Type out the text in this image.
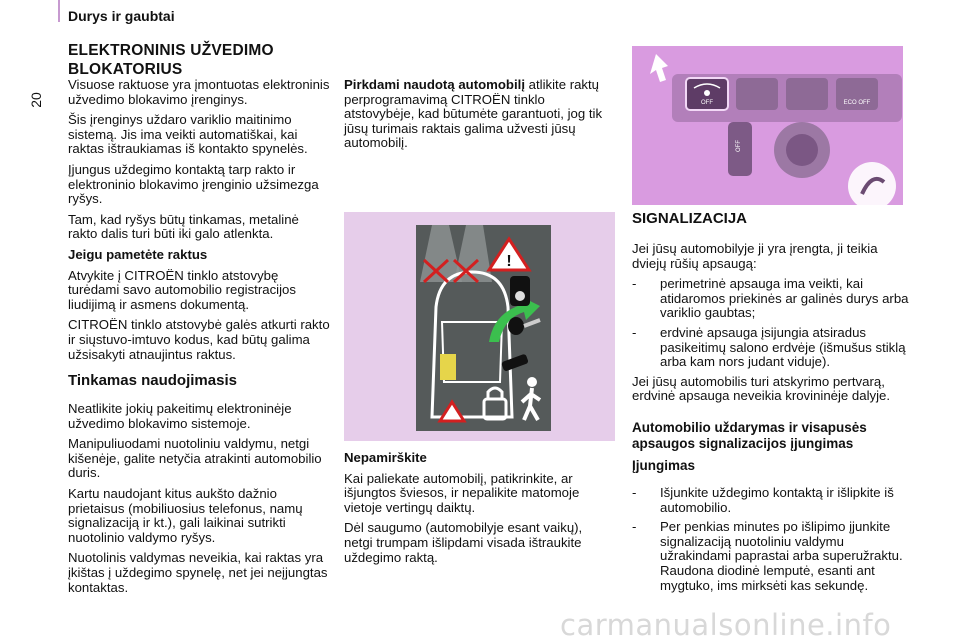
Durys ir gaubtai
20
ELEKTRONINIS UŽVEDIMO
BLOKATORIUS

Visuose raktuose yra įmontuotas elektroninis užvedimo blokavimo įrenginys.

Šis įrenginys uždaro variklio maitinimo sistemą. Jis ima veikti automatiškai, kai raktas ištraukiamas iš kontakto spynelės.

Įjungus uždegimo kontaktą tarp rakto ir elektroninio blokavimo įrenginio užsimezga ryšys.

Tam, kad ryšys būtų tinkamas, metalinė rakto dalis turi būti iki galo atlenkta.

Jeigu pametėte raktus

Atvykite į CITROËN tinklo atstovybę turėdami savo automobilio registracijos liudijimą ir asmens dokumentą.

CITROËN tinklo atstovybė galės atkurti rakto ir siųstuvo-imtuvo kodus, kad būtų galima užsisakyti atnaujintus raktus.

Tinkamas naudojimasis

Neatlikite jokių pakeitimų elektroninėje užvedimo blokavimo sistemoje.

Manipuliuodami nuotoliniu valdymu, netgi kišenėje, galite netyčia atrakinti automobilio duris.

Kartu naudojant kitus aukšto dažnio prietaisus (mobiliuosius telefonus, namų signalizaciją ir kt.), gali laikinai sutrikti nuotolinio valdymo ryšys.

Nuotolinis valdymas neveikia, kai raktas yra įkištas į uždegimo spynelę, net jei neįjungtas kontaktas.

Pirkdami naudotą automobilį atlikite raktų perprogramavimą CITROËN tinklo atstovybėje, kad būtumėte garantuoti, jog tik jūsų turimais raktais galima užvesti jūsų automobilį.

!

Nepamirškite

Kai paliekate automobilį, patikrinkite, ar išjungtos šviesos, ir nepalikite matomoje vietoje vertingų daiktų.

Dėl saugumo (automobilyje esant vaikų), netgi trumpam išlipdami visada ištraukite uždegimo raktą.

OFF	ECO OFF
OFF

SIGNALIZACIJA

Jei jūsų automobilyje ji yra įrengta, ji teikia dviejų rūšių apsaugą:

-	perimetrinė apsauga ima veikti, kai atidaromos priekinės ar galinės durys arba variklio gaubtas;
-	erdvinė apsauga įsijungia atsiradus pasikeitimų salono erdvėje (išmušus stiklą arba kam nors judant viduje).

Jei jūsų automobilis turi atskyrimo pertvarą, erdvinė apsauga neveikia krovininėje dalyje.

Automobilio uždarymas ir visapusės apsaugos signalizacijos įjungimas

Įjungimas

-	Išjunkite uždegimo kontaktą ir išlipkite iš automobilio.
-	Per penkias minutes po išlipimo įjunkite signalizaciją nuotoliniu valdymu užrakindami paprastai arba superužraktu. Raudona diodinė lemputė, esanti ant mygtuko, ims mirksėti kas sekundę.
carmanualsonline.info
